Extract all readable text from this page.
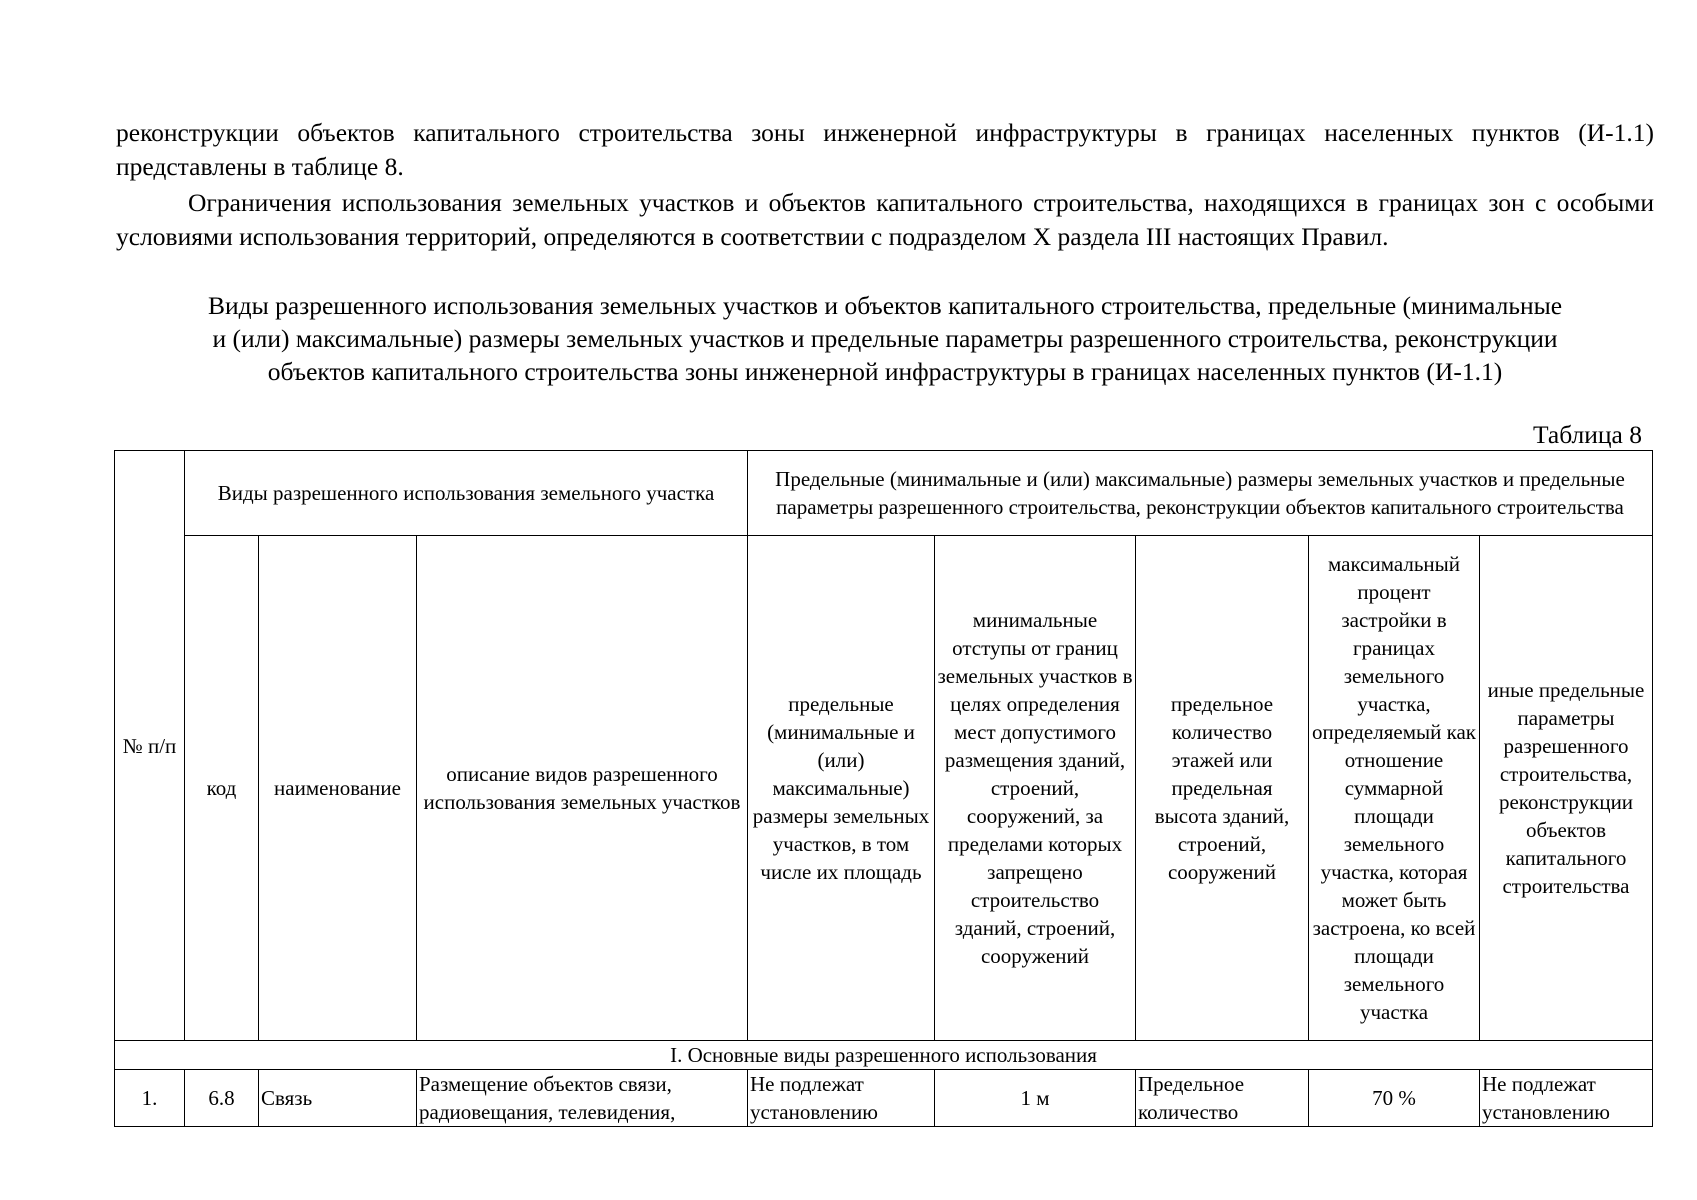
реконструкции объектов капитального строительства зоны инженерной инфраструктуры в границах населенных пунктов (И-1.1) представлены в таблице 8.

Ограничения использования земельных участков и объектов капитального строительства, находящихся в границах зон с особыми условиями использования территорий, определяются в соответствии с подразделом X раздела III настоящих Правил.

Виды разрешенного использования земельных участков и объектов капитального строительства, предельные (минимальные
и (или) максимальные) размеры земельных участков и предельные параметры разрешенного строительства, реконструкции
объектов капитального строительства зоны инженерной инфраструктуры в границах населенных пунктов (И-1.1)
Таблица 8
№ п/п	Виды разрешенного использования земельного участка			Предельные (минимальные и (или) максимальные) размеры земельных участков и предельные параметры разрешенного строительства, реконструкции объектов капитального строительства				
	код	наименование	описание видов разрешенного использования земельных участков	предельные (минимальные и (или) максимальные) размеры земельных участков, в том числе их площадь	минимальные отступы от границ земельных участков в целях определения мест допустимого размещения зданий, строений, сооружений, за пределами которых запрещено строительство зданий, строений, сооружений	предельное количество этажей или предельная высота зданий, строений, сооружений	максимальный процент застройки в границах земельного участка, определяемый как отношение суммарной площади земельного участка, которая может быть застроена, ко всей площади земельного участка	иные предельные параметры разрешенного строительства, реконструкции объектов капитального строительства
I. Основные виды разрешенного использования								
1.	6.8	Связь	Размещение объектов связи, радиовещания, телевидения,	Не подлежат установлению	1 м	Предельное количество	70 %	Не подлежат установлению
